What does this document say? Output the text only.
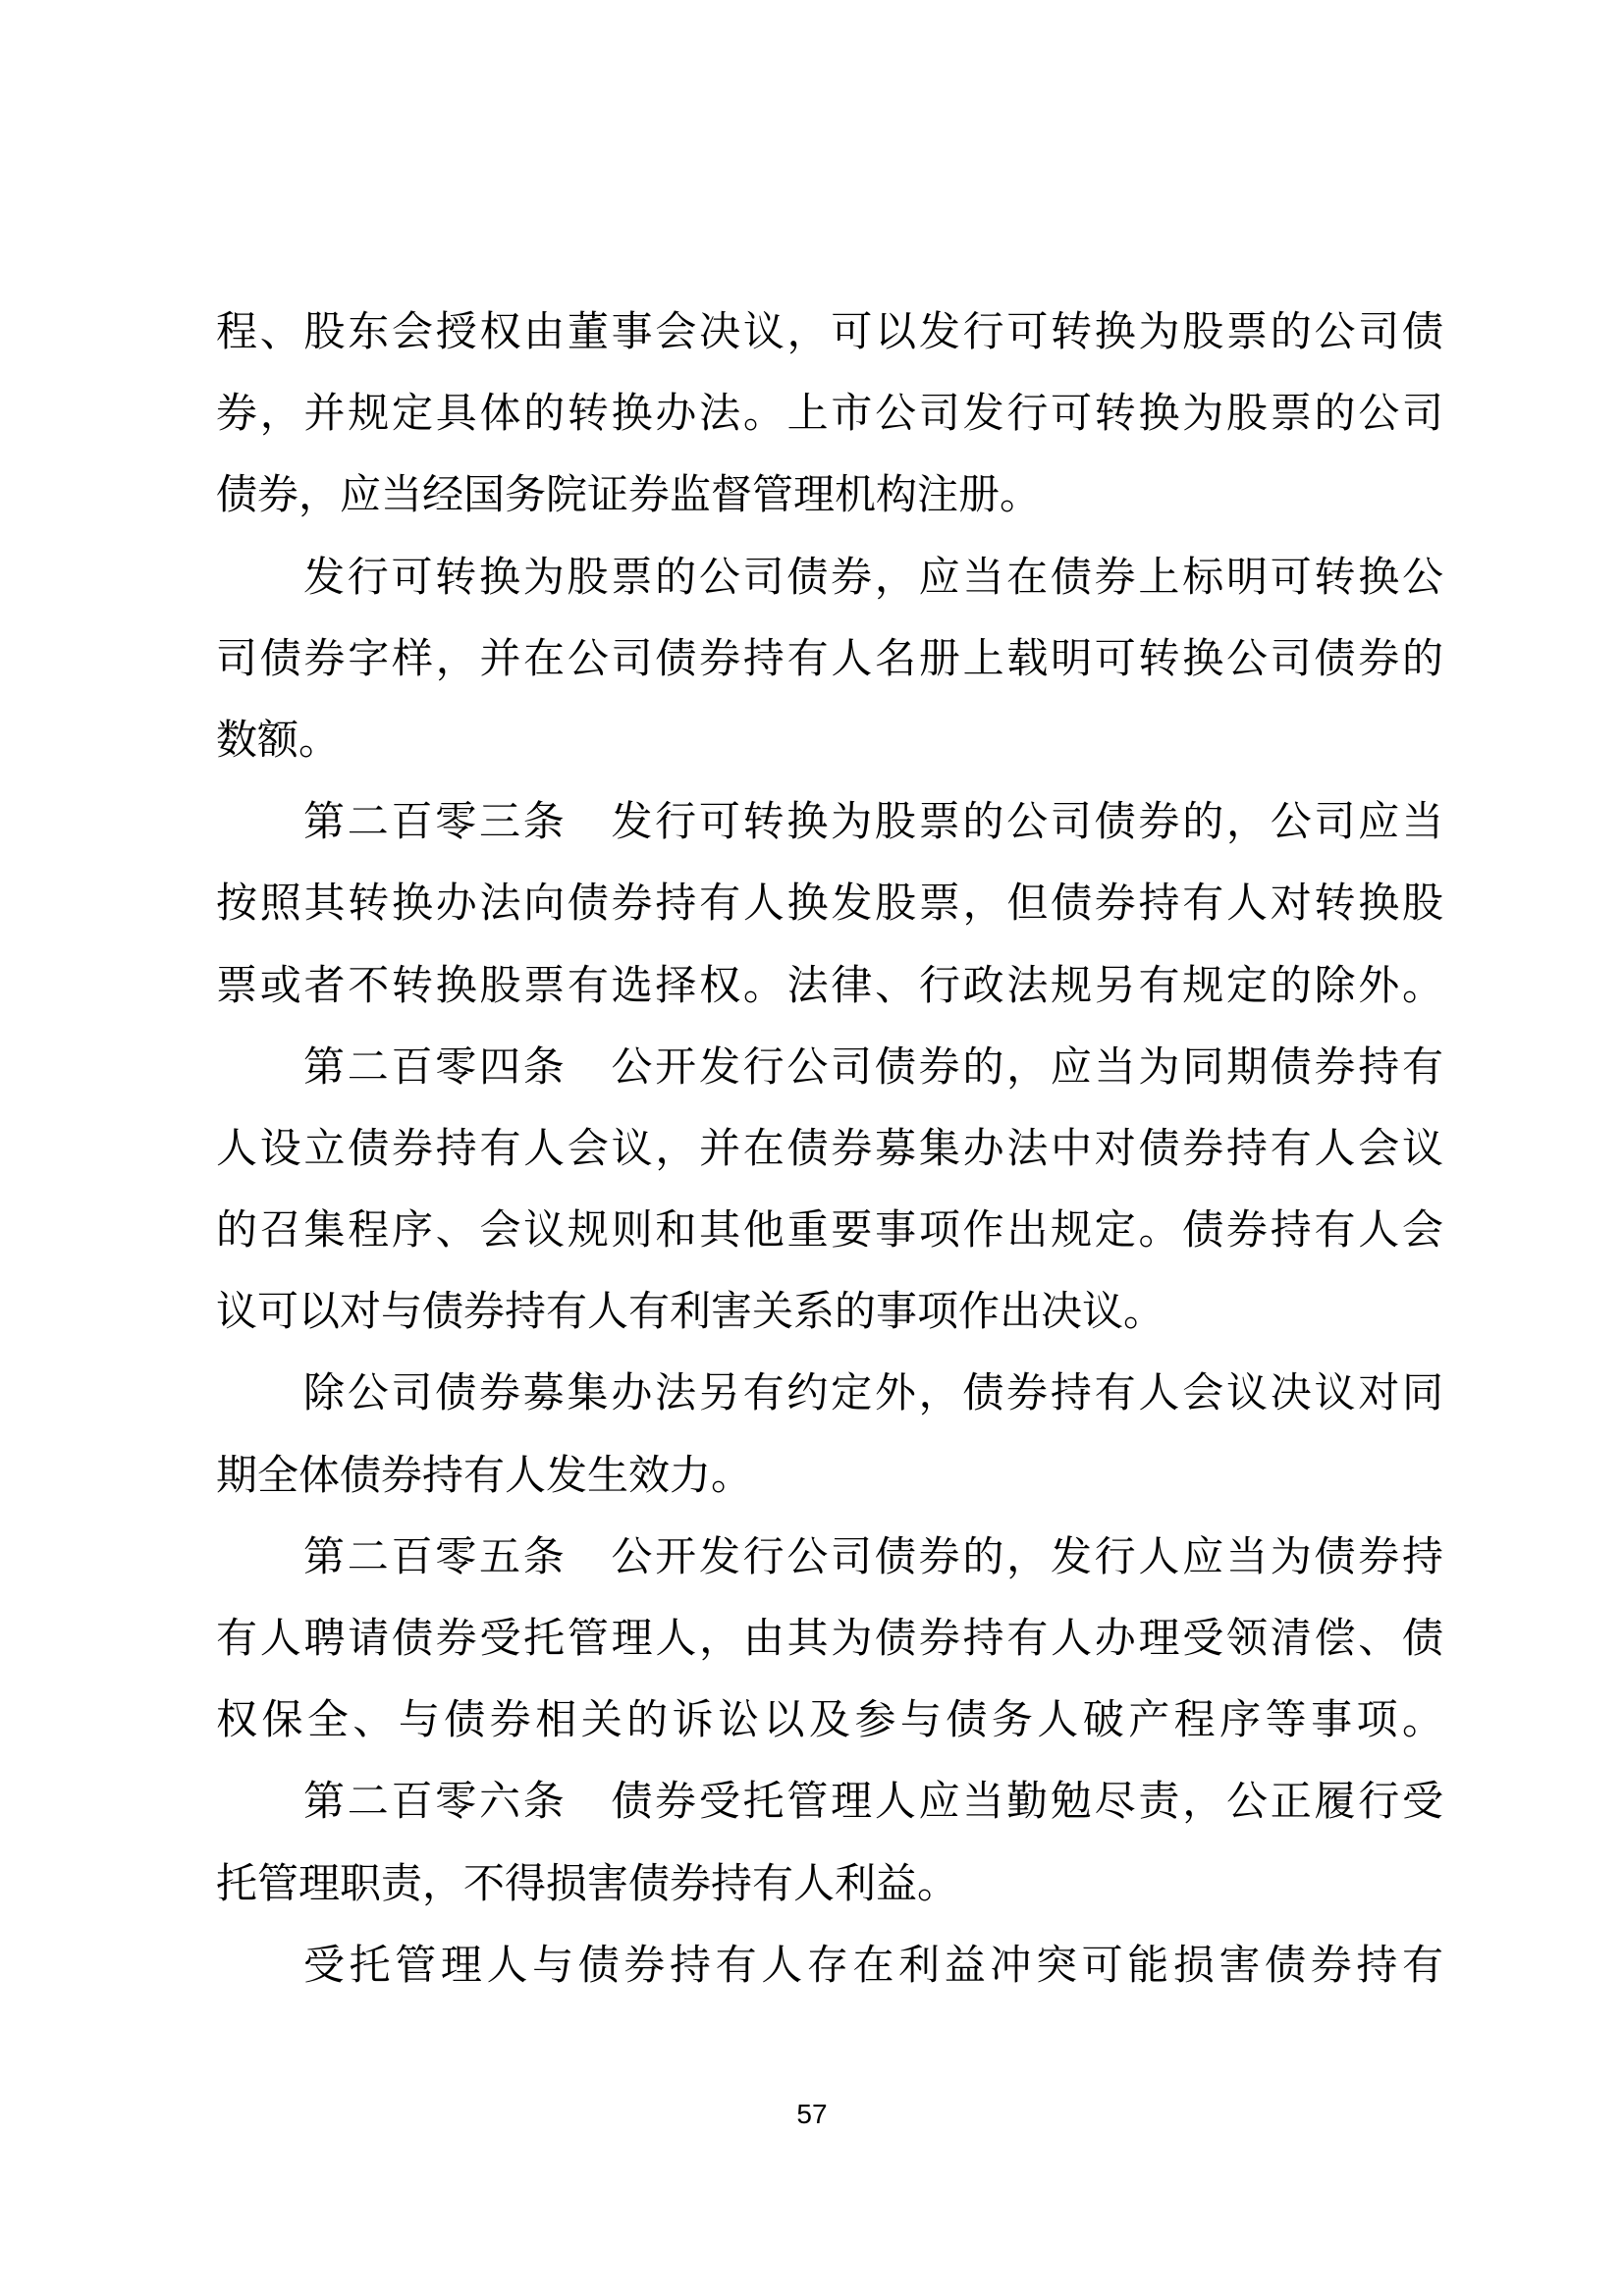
程、股东会授权由董事会决议，可以发行可转换为股票的公司债
券，并规定具体的转换办法。上市公司发行可转换为股票的公司
债券，应当经国务院证券监督管理机构注册。
发行可转换为股票的公司债券，应当在债券上标明可转换公
司债券字样，并在公司债券持有人名册上载明可转换公司债券的
数额。
第二百零三条　发行可转换为股票的公司债券的，公司应当
按照其转换办法向债券持有人换发股票，但债券持有人对转换股
票或者不转换股票有选择权。法律、行政法规另有规定的除外。
第二百零四条　公开发行公司债券的，应当为同期债券持有
人设立债券持有人会议，并在债券募集办法中对债券持有人会议
的召集程序、会议规则和其他重要事项作出规定。债券持有人会
议可以对与债券持有人有利害关系的事项作出决议。
除公司债券募集办法另有约定外，债券持有人会议决议对同
期全体债券持有人发生效力。
第二百零五条　公开发行公司债券的，发行人应当为债券持
有人聘请债券受托管理人，由其为债券持有人办理受领清偿、债
权保全、与债券相关的诉讼以及参与债务人破产程序等事项。
第二百零六条　债券受托管理人应当勤勉尽责，公正履行受
托管理职责，不得损害债券持有人利益。
受托管理人与债券持有人存在利益冲突可能损害债券持有
57
